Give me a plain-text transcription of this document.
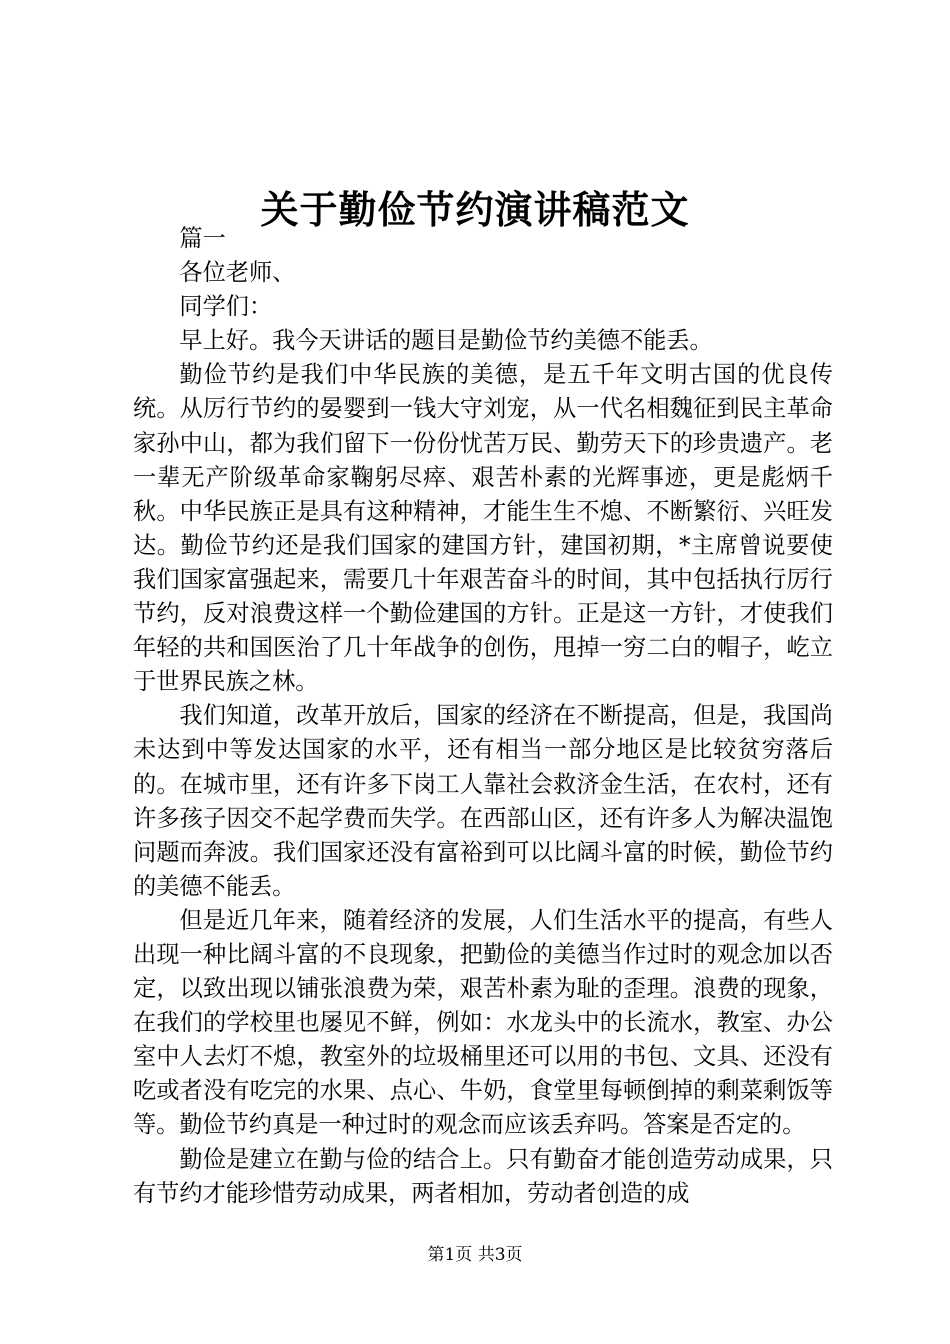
关于勤俭节约演讲稿范文

篇一

各位老师、

同学们：

早上好。我今天讲话的题目是勤俭节约美德不能丢。

勤俭节约是我们中华民族的美德，是五千年文明古国的优良传统。从厉行节约的晏婴到一钱大守刘宠，从一代名相魏征到民主革命家孙中山，都为我们留下一份份忧苦万民、勤劳天下的珍贵遗产。老一辈无产阶级革命家鞠躬尽瘁、艰苦朴素的光辉事迹，更是彪炳千秋。中华民族正是具有这种精神，才能生生不熄、不断繁衍、兴旺发达。勤俭节约还是我们国家的建国方针，建国初期，*主席曾说要使我们国家富强起来，需要几十年艰苦奋斗的时间，其中包括执行厉行节约，反对浪费这样一个勤俭建国的方针。正是这一方针，才使我们年轻的共和国医治了几十年战争的创伤，甩掉一穷二白的帽子，屹立于世界民族之林。

我们知道，改革开放后，国家的经济在不断提高，但是，我国尚未达到中等发达国家的水平，还有相当一部分地区是比较贫穷落后的。在城市里，还有许多下岗工人靠社会救济金生活，在农村，还有许多孩子因交不起学费而失学。在西部山区，还有许多人为解决温饱问题而奔波。我们国家还没有富裕到可以比阔斗富的时候，勤俭节约的美德不能丢。

但是近几年来，随着经济的发展，人们生活水平的提高，有些人出现一种比阔斗富的不良现象，把勤俭的美德当作过时的观念加以否定，以致出现以铺张浪费为荣，艰苦朴素为耻的歪理。浪费的现象，在我们的学校里也屡见不鲜，例如：水龙头中的长流水，教室、办公室中人去灯不熄，教室外的垃圾桶里还可以用的书包、文具、还没有吃或者没有吃完的水果、点心、牛奶，食堂里每顿倒掉的剩菜剩饭等等。勤俭节约真是一种过时的观念而应该丢弃吗。答案是否定的。

勤俭是建立在勤与俭的结合上。只有勤奋才能创造劳动成果，只有节约才能珍惜劳动成果，两者相加，劳动者创造的成

第1页 共3页
